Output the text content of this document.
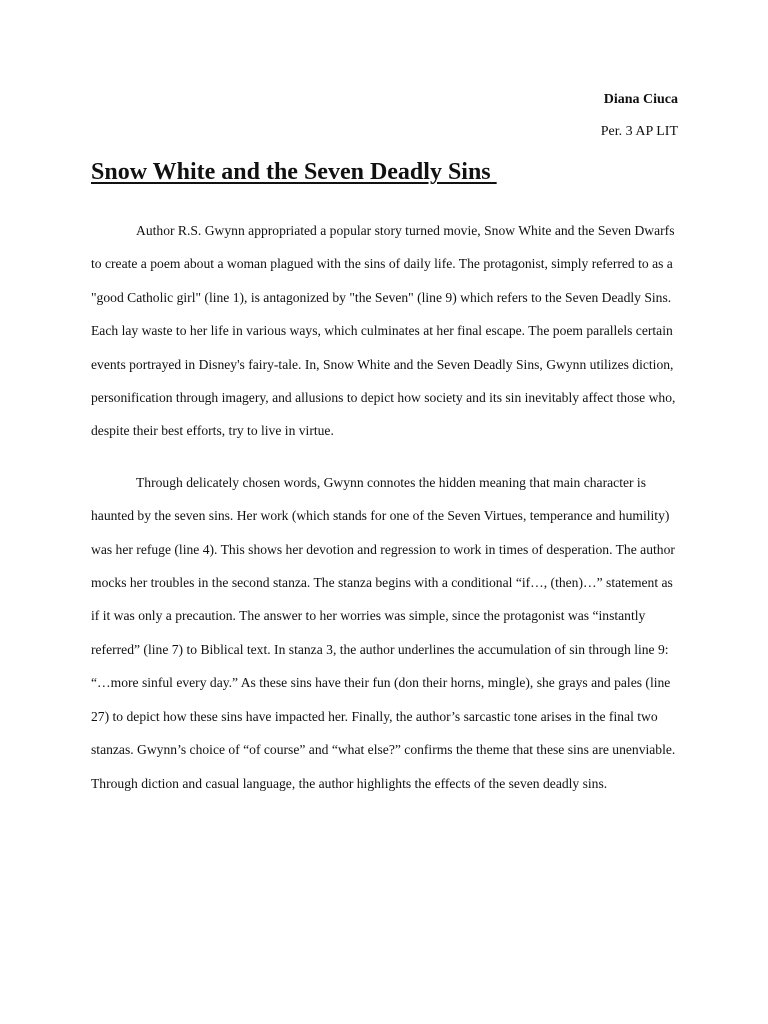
Diana Ciuca
Per. 3 AP LIT
Snow White and the Seven Deadly Sins

Author R.S. Gwynn appropriated a popular story turned movie, Snow White and the Seven Dwarfs to create a poem about a woman plagued with the sins of daily life. The protagonist, simply referred to as a "good Catholic girl" (line 1), is antagonized by "the Seven" (line 9) which refers to the Seven Deadly Sins. Each lay waste to her life in various ways, which culminates at her final escape. The poem parallels certain events portrayed in Disney's fairy-tale. In, Snow White and the Seven Deadly Sins, Gwynn utilizes diction, personification through imagery, and allusions to depict how society and its sin inevitably affect those who, despite their best efforts, try to live in virtue.

Through delicately chosen words, Gwynn connotes the hidden meaning that main character is haunted by the seven sins. Her work (which stands for one of the Seven Virtues, temperance and humility) was her refuge (line 4). This shows her devotion and regression to work in times of desperation. The author mocks her troubles in the second stanza. The stanza begins with a conditional “if…, (then)…” statement as if it was only a precaution. The answer to her worries was simple, since the protagonist was “instantly referred” (line 7) to Biblical text. In stanza 3, the author underlines the accumulation of sin through line 9: “…more sinful every day.” As these sins have their fun (don their horns, mingle), she grays and pales (line 27) to depict how these sins have impacted her. Finally, the author’s sarcastic tone arises in the final two stanzas. Gwynn’s choice of “of course” and “what else?” confirms the theme that these sins are unenviable. Through diction and casual language, the author highlights the effects of the seven deadly sins.
